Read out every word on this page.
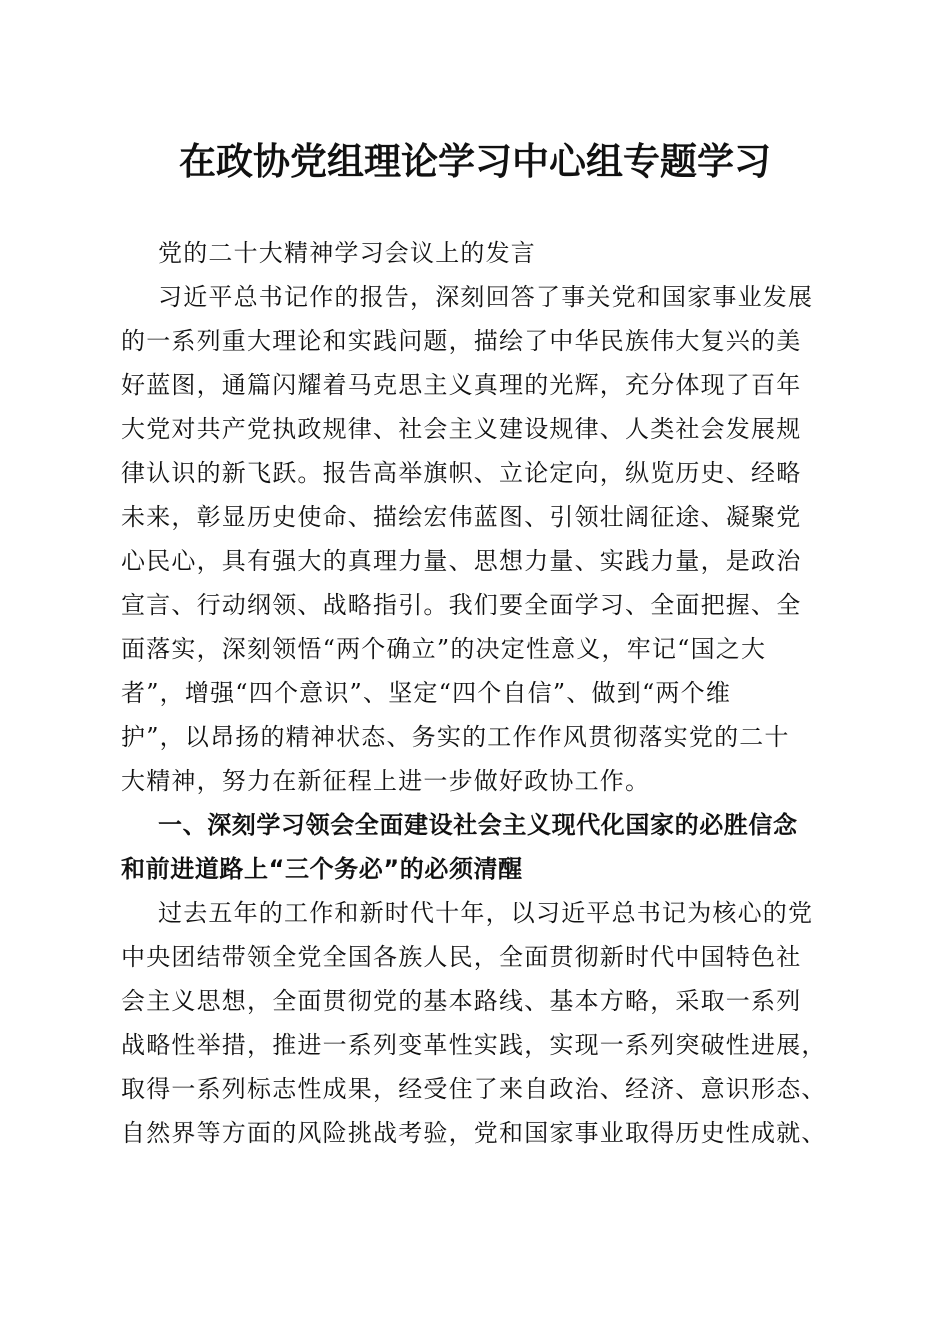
在政协党组理论学习中心组专题学习
党的二十大精神学习会议上的发言
习近平总书记作的报告，深刻回答了事关党和国家事业发展
的一系列重大理论和实践问题，描绘了中华民族伟大复兴的美
好蓝图，通篇闪耀着马克思主义真理的光辉，充分体现了百年
大党对共产党执政规律、社会主义建设规律、人类社会发展规
律认识的新飞跃。报告高举旗帜、立论定向，纵览历史、经略
未来，彰显历史使命、描绘宏伟蓝图、引领壮阔征途、凝聚党
心民心，具有强大的真理力量、思想力量、实践力量，是政治
宣言、行动纲领、战略指引。我们要全面学习、全面把握、全
面落实，深刻领悟“两个确立”的决定性意义，牢记“国之大
者”，增强“四个意识”、坚定“四个自信”、做到“两个维
护”，以昂扬的精神状态、务实的工作作风贯彻落实党的二十
大精神，努力在新征程上进一步做好政协工作。
一、深刻学习领会全面建设社会主义现代化国家的必胜信念
和前进道路上“三个务必”的必须清醒
过去五年的工作和新时代十年，以习近平总书记为核心的党
中央团结带领全党全国各族人民，全面贯彻新时代中国特色社
会主义思想，全面贯彻党的基本路线、基本方略，采取一系列
战略性举措，推进一系列变革性实践，实现一系列突破性进展，
取得一系列标志性成果，经受住了来自政治、经济、意识形态、
自然界等方面的风险挑战考验，党和国家事业取得历史性成就、
